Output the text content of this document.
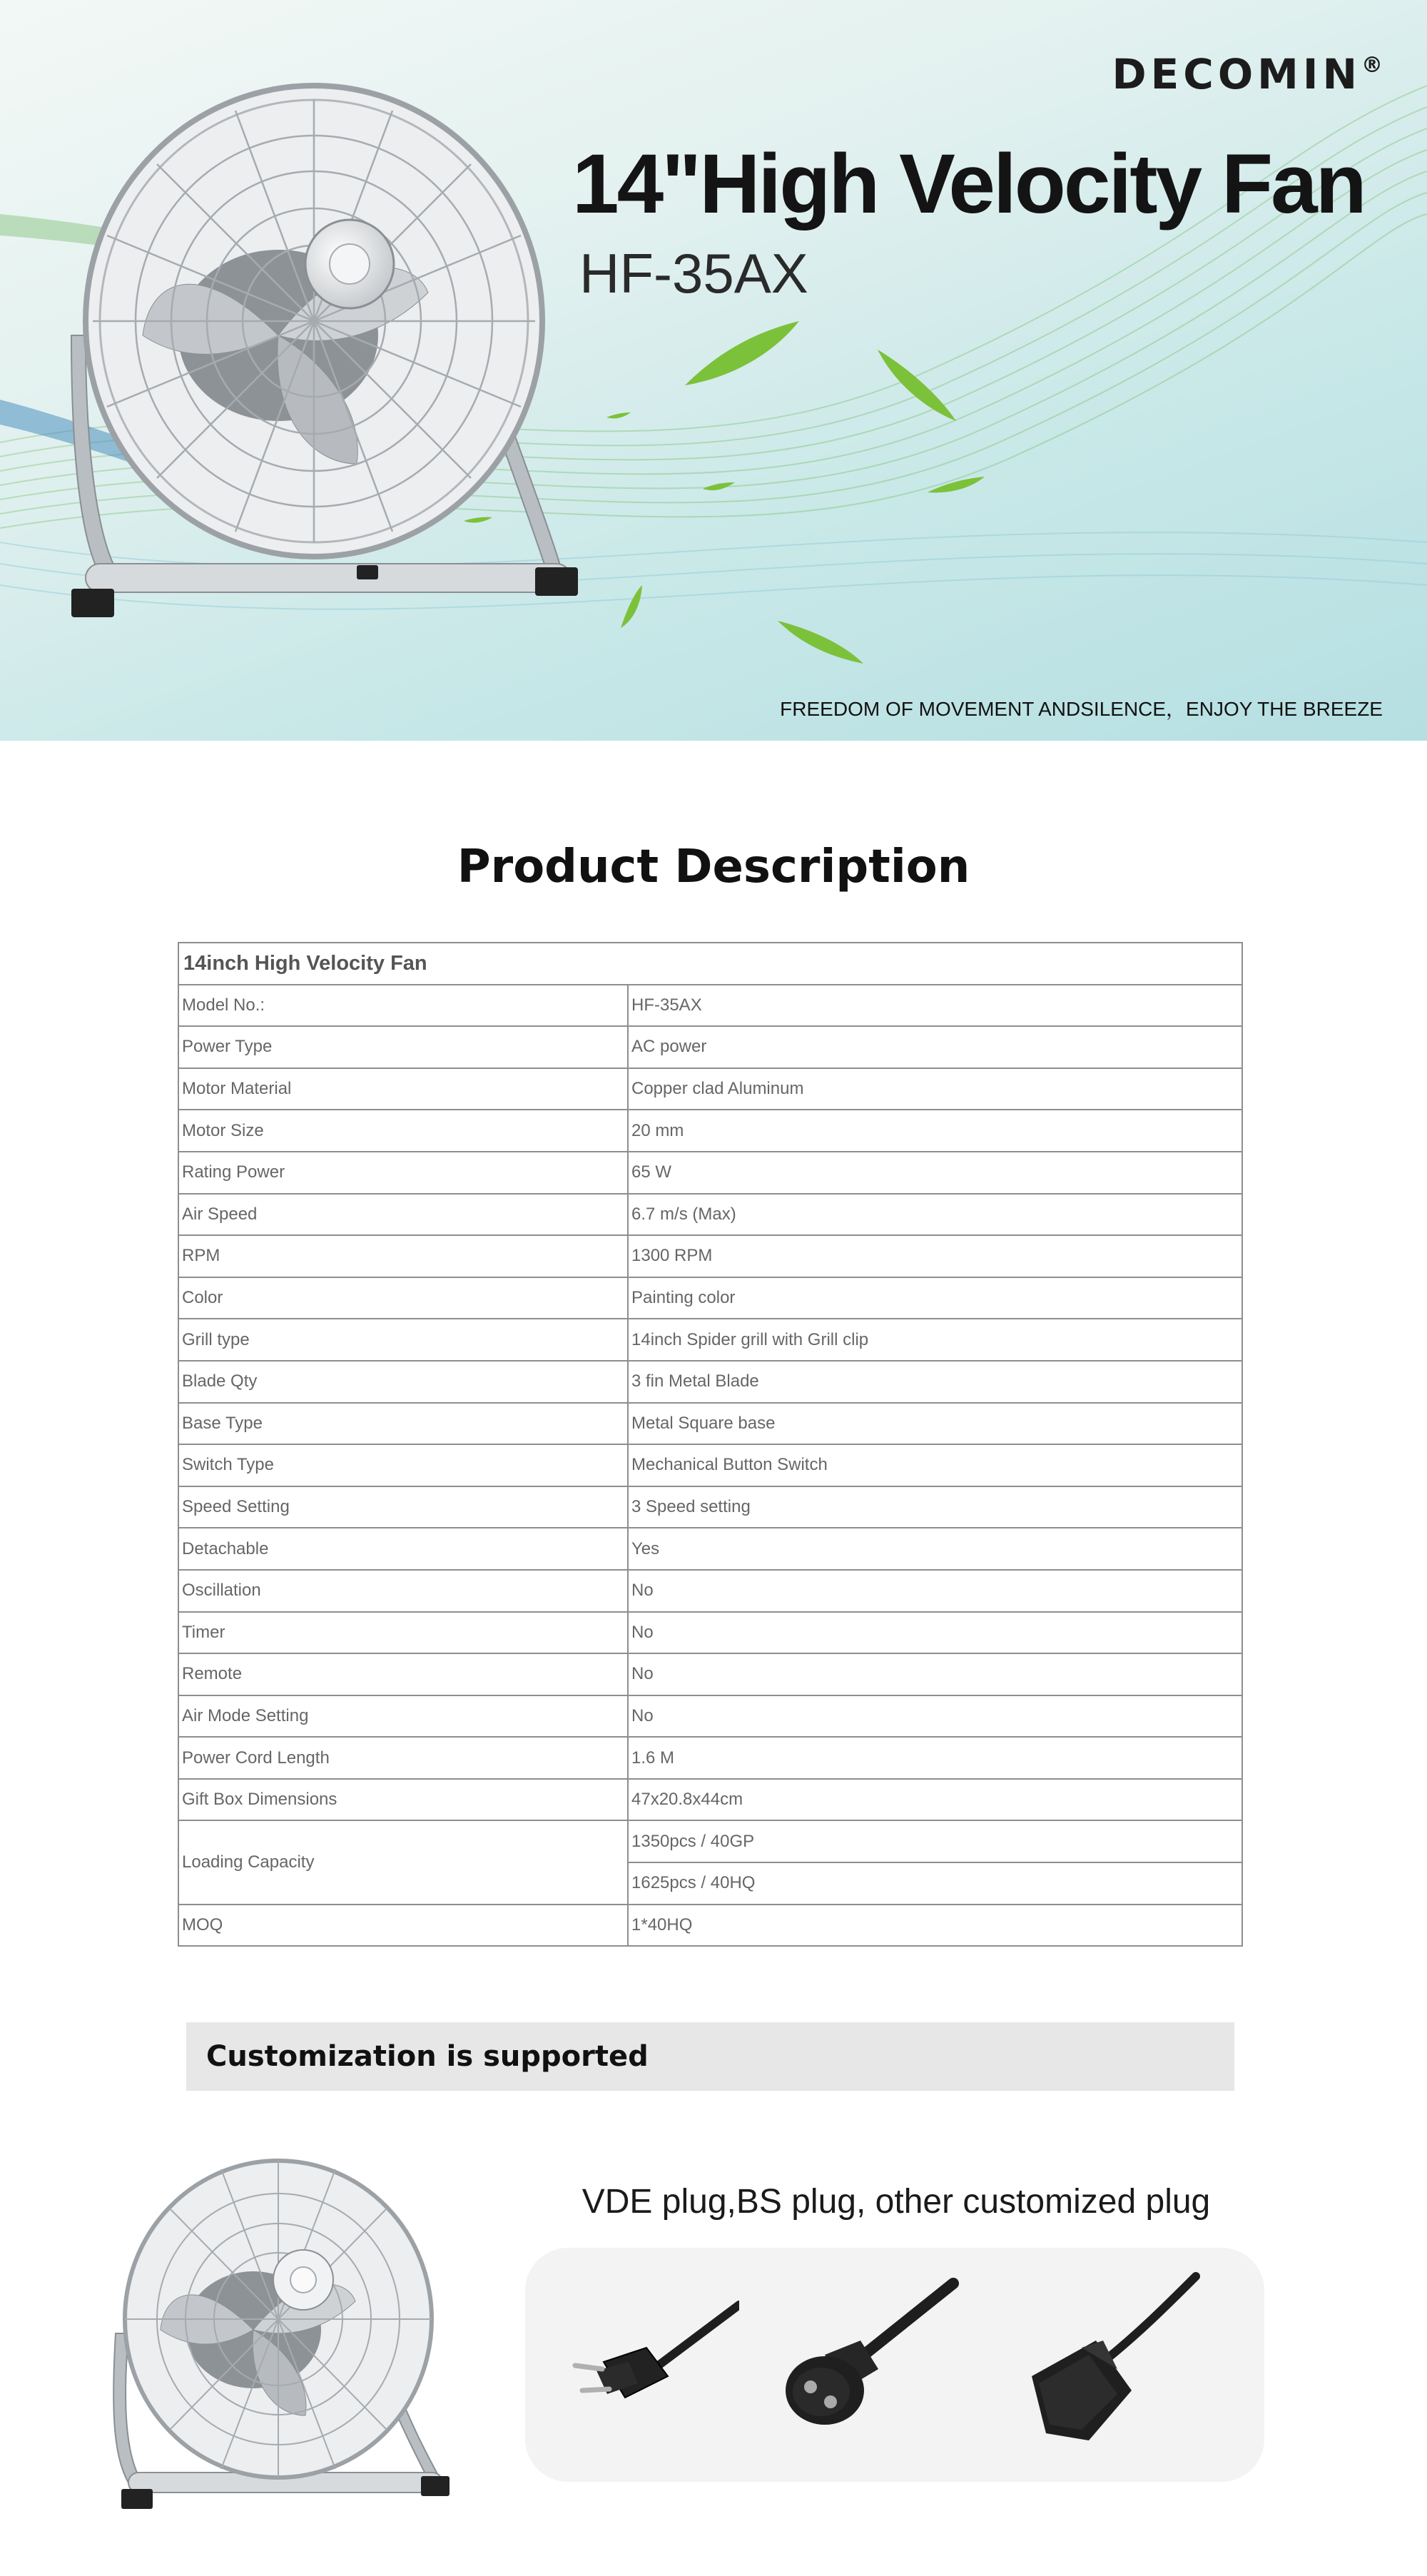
DECOMIN®
14"High Velocity Fan
HF-35AX
FREEDOM OF MOVEMENT ANDSILENCE，ENJOY THE BREEZE
Product Description
14inch High Velocity Fan	
Model No.:	HF-35AX
Power Type	AC power
Motor Material	Copper clad Aluminum
Motor Size	20 mm
Rating Power	65 W
Air Speed	6.7 m/s (Max)
RPM	1300 RPM
Color	Painting color
Grill type	14inch Spider grill with Grill clip
Blade Qty	3 fin Metal Blade
Base Type	Metal Square base
Switch Type	Mechanical Button Switch
Speed Setting	3 Speed setting
Detachable	Yes
Oscillation	No
Timer	No
Remote	No
Air Mode Setting	No
Power Cord Length	1.6 M
Gift Box Dimensions	47x20.8x44cm
Loading Capacity	1350pcs / 40GP
	1625pcs / 40HQ
MOQ	1*40HQ
Customization is supported
VDE plug,BS plug, other customized plug
